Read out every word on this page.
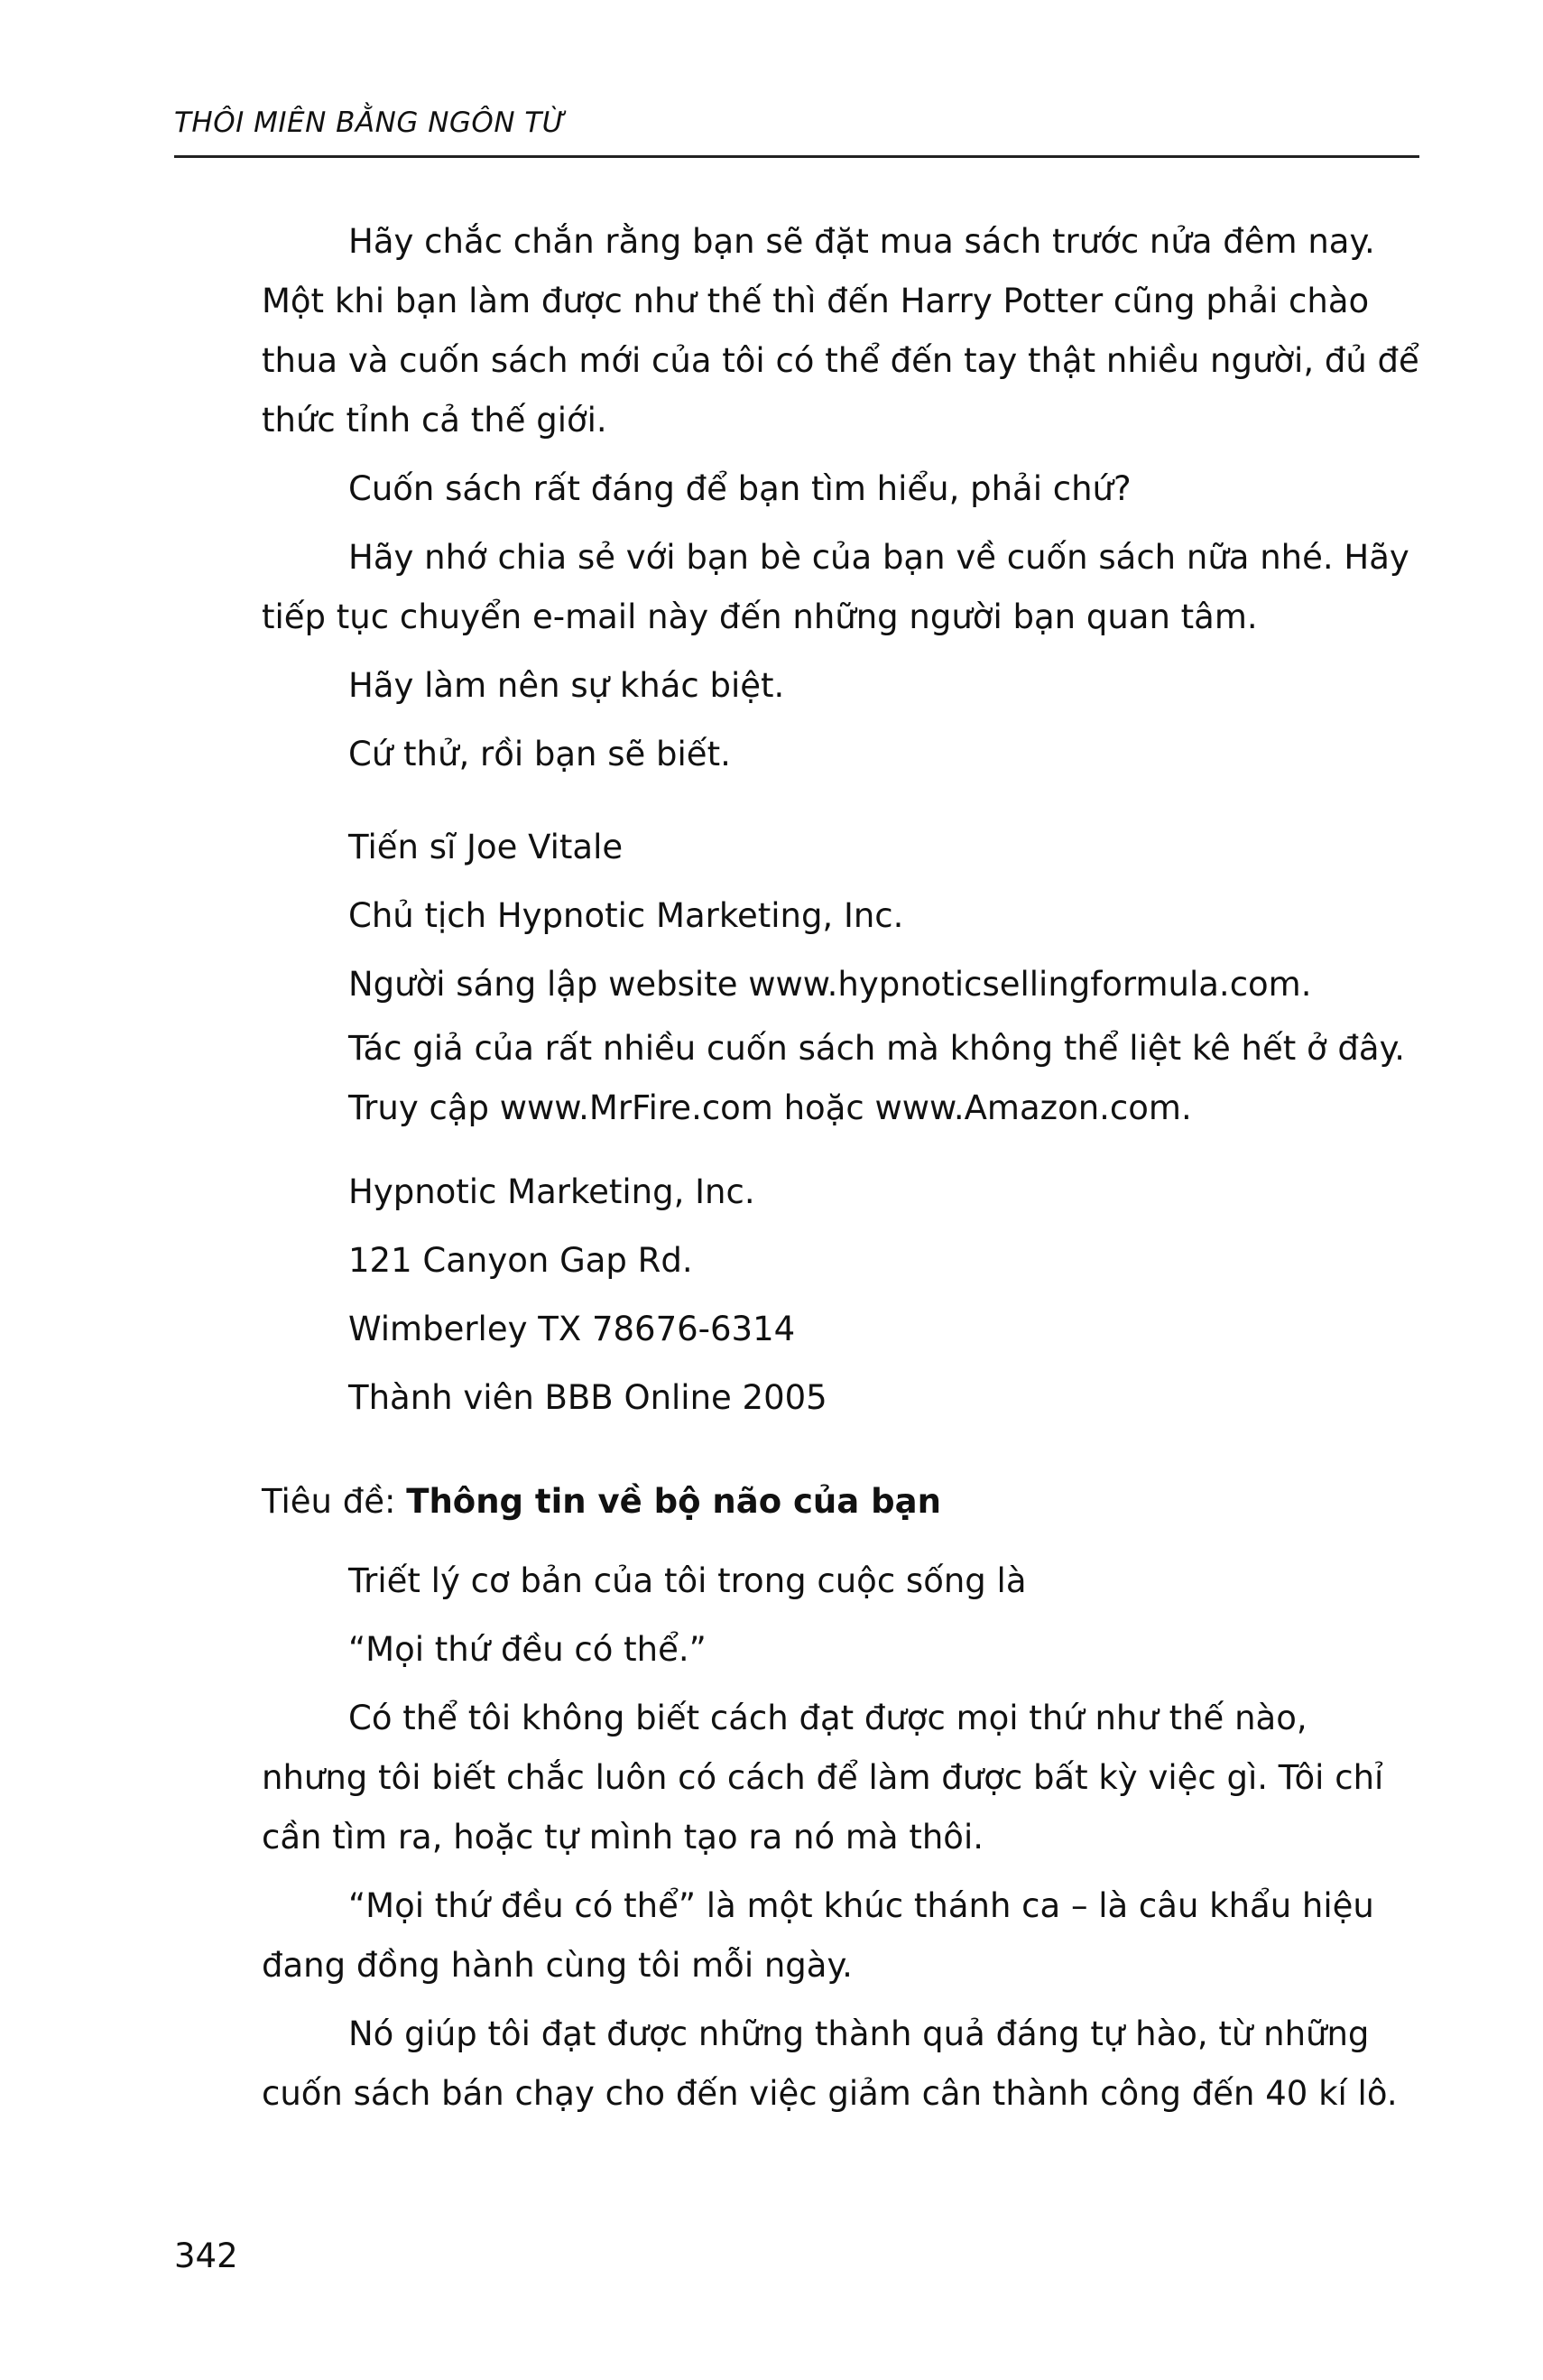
THÔI MIÊN BẰNG NGÔN TỪ

Hãy chắc chắn rằng bạn sẽ đặt mua sách trước nửa đêm nay. Một khi bạn làm được như thế thì đến Harry Potter cũng phải chào thua và cuốn sách mới của tôi có thể đến tay thật nhiều người, đủ để thức tỉnh cả thế giới.

Cuốn sách rất đáng để bạn tìm hiểu, phải chứ?

Hãy nhớ chia sẻ với bạn bè của bạn về cuốn sách nữa nhé. Hãy tiếp tục chuyển e-mail này đến những người bạn quan tâm.

Hãy làm nên sự khác biệt.

Cứ thử, rồi bạn sẽ biết.

Tiến sĩ Joe Vitale

Chủ tịch Hypnotic Marketing, Inc.

Người sáng lập website www.hypnoticsellingformula.com.

Tác giả của rất nhiều cuốn sách mà không thể liệt kê hết ở đây. Truy cập www.MrFire.com hoặc www.Amazon.com.

Hypnotic Marketing, Inc.

121 Canyon Gap Rd.

Wimberley TX 78676-6314

Thành viên BBB Online 2005

Tiêu đề: Thông tin về bộ não của bạn

Triết lý cơ bản của tôi trong cuộc sống là

“Mọi thứ đều có thể.”

Có thể tôi không biết cách đạt được mọi thứ như thế nào, nhưng tôi biết chắc luôn có cách để làm được bất kỳ việc gì. Tôi chỉ cần tìm ra, hoặc tự mình tạo ra nó mà thôi.

“Mọi thứ đều có thể” là một khúc thánh ca – là câu khẩu hiệu đang đồng hành cùng tôi mỗi ngày.

Nó giúp tôi đạt được những thành quả đáng tự hào, từ những cuốn sách bán chạy cho đến việc giảm cân thành công đến 40 kí lô.

342
